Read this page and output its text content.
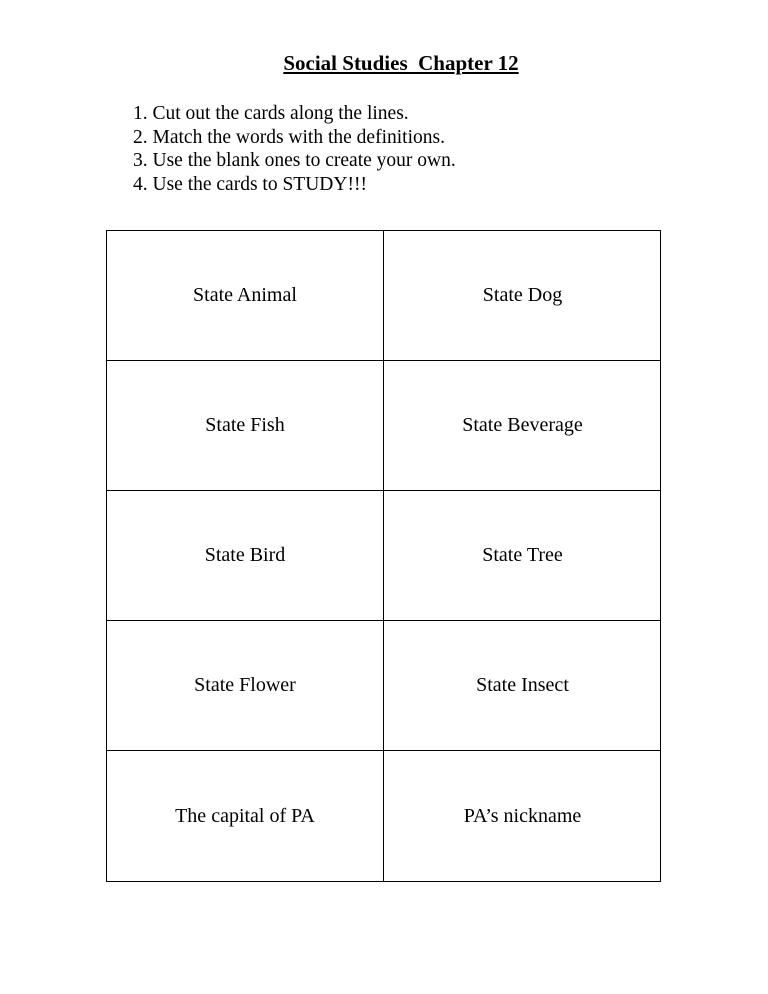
Social Studies  Chapter 12
1. Cut out the cards along the lines.
2. Match the words with the definitions.
3. Use the blank ones to create your own.
4. Use the cards to STUDY!!!
State Animal	State Dog
State Fish	State Beverage
State Bird	State Tree
State Flower	State Insect
The capital of PA	PA’s nickname
